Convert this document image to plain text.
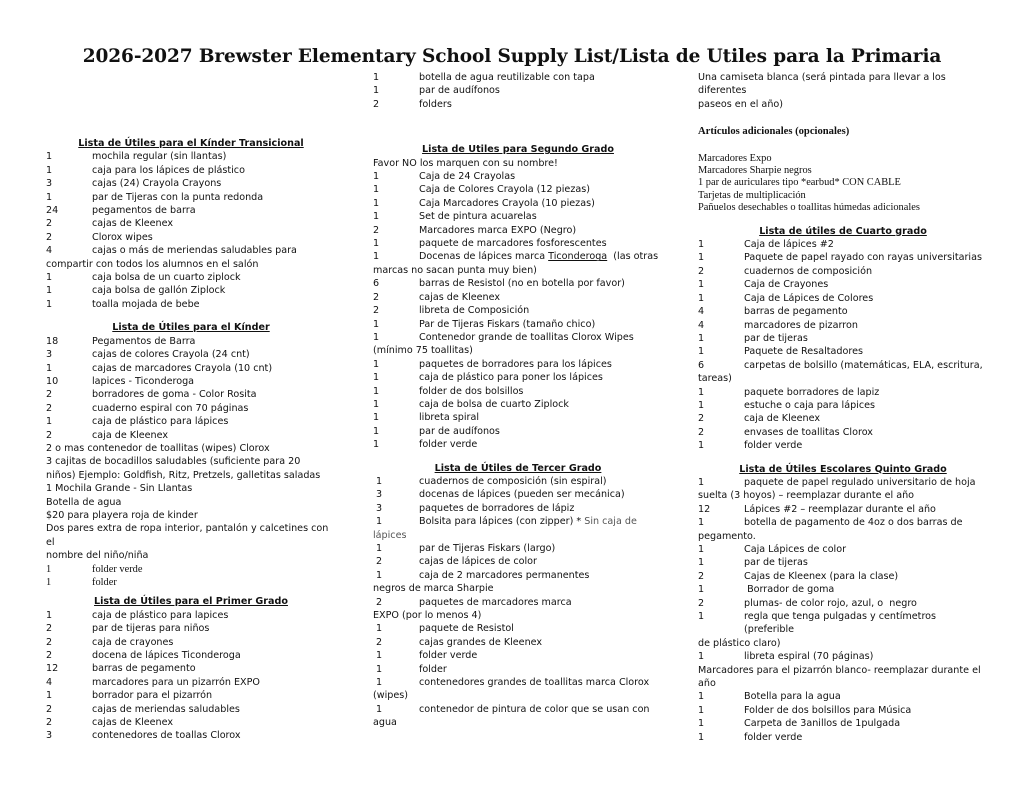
2026-2027 Brewster Elementary School Supply List/Lista de Utiles para la Primaria
Lista de Útiles para el Kínder Transicional
1	mochila regular (sin llantas)
1	caja para los lápices de plástico
3	cajas (24) Crayola Crayons
1	par de Tijeras con la punta redonda
24	pegamentos de barra
2	cajas de Kleenex
2	Clorox wipes
4	cajas o más de meriendas saludables para
compartir con todos los alumnos en el salón
1	caja bolsa de un cuarto ziplock
1	caja bolsa de gallón Ziplock
1	toalla mojada de bebe
Lista de Útiles para el Kínder
18	Pegamentos de Barra
3	cajas de colores Crayola (24 cnt)
1	cajas de marcadores Crayola (10 cnt)
10	lapices - Ticonderoga
2	borradores de goma - Color Rosita
2	cuaderno espiral con 70 páginas
1	caja de plástico para lápices
2	caja de Kleenex
2 o mas contenedor de toallitas (wipes) Clorox
3 cajitas de bocadillos saludables (suficiente para 20
niños) Ejemplo: Goldfish, Ritz, Pretzels, galletitas saladas
1 Mochila Grande - Sin Llantas
Botella de agua
$20 para playera roja de kinder
Dos pares extra de ropa interior, pantalón y calcetines con el
nombre del niño/niña
1	folder verde
1	folder
Lista de Útiles para el Primer Grado
1	caja de plástico para lapices
2	par de tijeras para niños
2	caja de crayones
2	docena de lápices Ticonderoga
12	barras de pegamento
4	marcadores para un pizarrón EXPO
1	borrador para el pizarrón
2	cajas de meriendas saludables
2	cajas de Kleenex
3	contenedores de toallas Clorox
1	botella de agua reutilizable con tapa
1	par de audífonos
2	folders
Lista de Utiles para Segundo Grado
Favor NO los marquen con su nombre!
1	Caja de 24 Crayolas
1	Caja de Colores Crayola (12 piezas)
1	Caja Marcadores Crayola (10 piezas)
1	Set de pintura acuarelas
2	Marcadores marca EXPO (Negro)
1	paquete de marcadores fosforescentes
1	Docenas de lápices marca Ticonderoga  (las otras
marcas no sacan punta muy bien)
6	barras de Resistol (no en botella por favor)
2	cajas de Kleenex
2	libreta de Composición
1	Par de Tijeras Fiskars (tamaño chico)
1	Contenedor grande de toallitas Clorox Wipes
(mínimo 75 toallitas)
1	paquetes de borradores para los lápices
1	caja de plástico para poner los lápices
1	folder de dos bolsillos
1	caja de bolsa de cuarto Ziplock
1	libreta spiral
1	par de audífonos
1	folder verde
Lista de Útiles de Tercer Grado
1	cuadernos de composición (sin espiral)
3	docenas de lápices (pueden ser mecánica)
3	paquetes de borradores de lápiz
1	Bolsita para lápices (con zipper) * Sin caja de
lápices
1	par de Tijeras Fiskars (largo)
2	cajas de lápices de color
1	caja de 2 marcadores permanentes
negros de marca Sharpie
2	paquetes de marcadores marca
EXPO (por lo menos 4)
1	paquete de Resistol
2	cajas grandes de Kleenex
1	folder verde
1	folder
1	contenedores grandes de toallitas marca Clorox
(wipes)
1	contenedor de pintura de color que se usan con
agua
Una camiseta blanca (será pintada para llevar a los diferentes
paseos en el año)
Artículos adicionales (opcionales)
Marcadores Expo
Marcadores Sharpie negros
1 par de auriculares tipo *earbud* CON CABLE
Tarjetas de multiplicación
Pañuelos desechables o toallitas húmedas adicionales
Lista de útiles de Cuarto grado
1	Caja de lápices #2
1	Paquete de papel rayado con rayas universitarias
2	cuadernos de composición
1	Caja de Crayones
1	Caja de Lápices de Colores
4	barras de pegamento
4	marcadores de pizarron
1	par de tijeras
1	Paquete de Resaltadores
6	carpetas de bolsillo (matemáticas, ELA, escritura,
tareas)
1	paquete borradores de lapiz
1	estuche o caja para lápices
2	caja de Kleenex
2	envases de toallitas Clorox
1	folder verde
Lista de Útiles Escolares Quinto Grado
1	paquete de papel regulado universitario de hoja
suelta (3 hoyos) – reemplazar durante el año
12	Lápices #2 – reemplazar durante el año
1	botella de pagamento de 4oz o dos barras de
pegamento.
1	Caja Lápices de color
1	par de tijeras
2	Cajas de Kleenex (para la clase)
1	Borrador de goma
2	plumas- de color rojo, azul, o  negro
1	regla que tenga pulgadas y centímetros (preferible
de plástico claro)
1	libreta espiral (70 páginas)
Marcadores para el pizarrón blanco- reemplazar durante el
año
1	Botella para la agua
1	Folder de dos bolsillos para Música
1	Carpeta de 3anillos de 1pulgada
1	folder verde
